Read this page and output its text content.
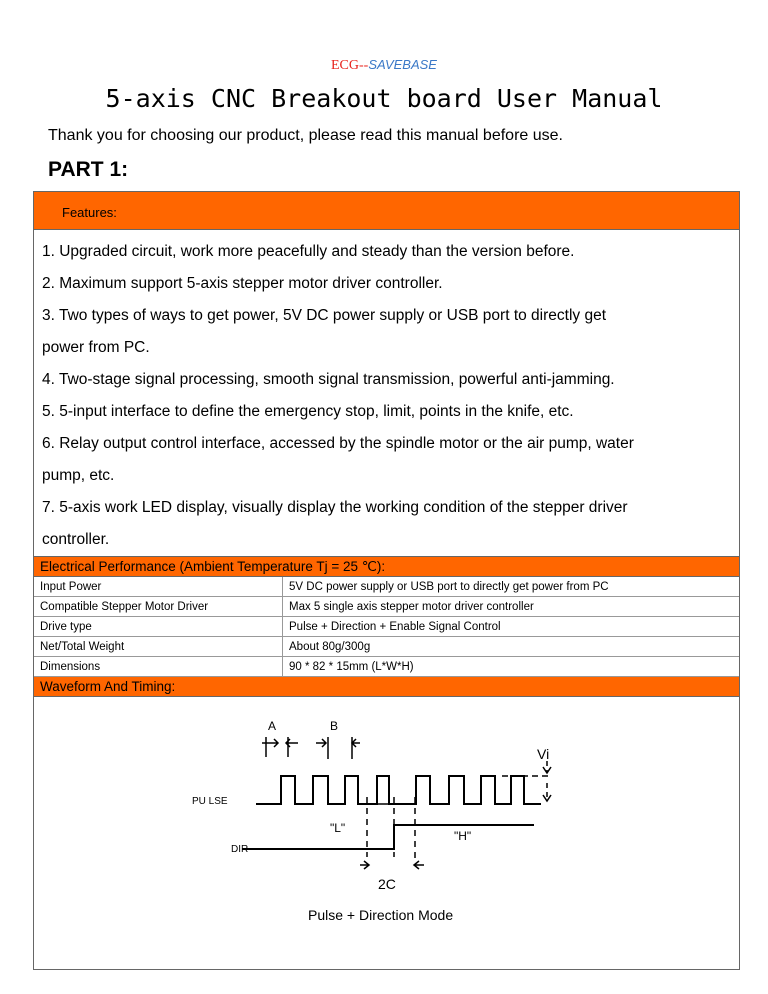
ECG--SAVEBASE
5-axis CNC Breakout board User Manual
Thank you for choosing our product, please read this manual before use.
PART 1:
Features:
1. Upgraded circuit, work more peacefully and steady than the version before.
2. Maximum support 5-axis stepper motor driver controller.
3. Two types of ways to get power, 5V DC power supply or USB port to directly get
power from PC.
4. Two-stage signal processing, smooth signal transmission, powerful anti-jamming.
5. 5-input interface to define the emergency stop, limit, points in the knife, etc.
6. Relay output control interface, accessed by the spindle motor or the air pump, water
pump, etc.
7. 5-axis work LED display, visually display the working condition of the stepper driver
controller.
Electrical Performance (Ambient Temperature Tj = 25 ℃):
Input Power	5V DC power supply or USB port to directly get power from PC
Compatible Stepper Motor Driver	Max 5 single axis stepper motor driver controller
Drive type	Pulse + Direction + Enable Signal Control
Net/Total Weight	About 80g/300g
Dimensions	90 * 82 * 15mm (L*W*H)
Waveform And Timing:
A	B
Vi
PU LSE
DIR
"L"
"H"
2C
Pulse + Direction Mode
